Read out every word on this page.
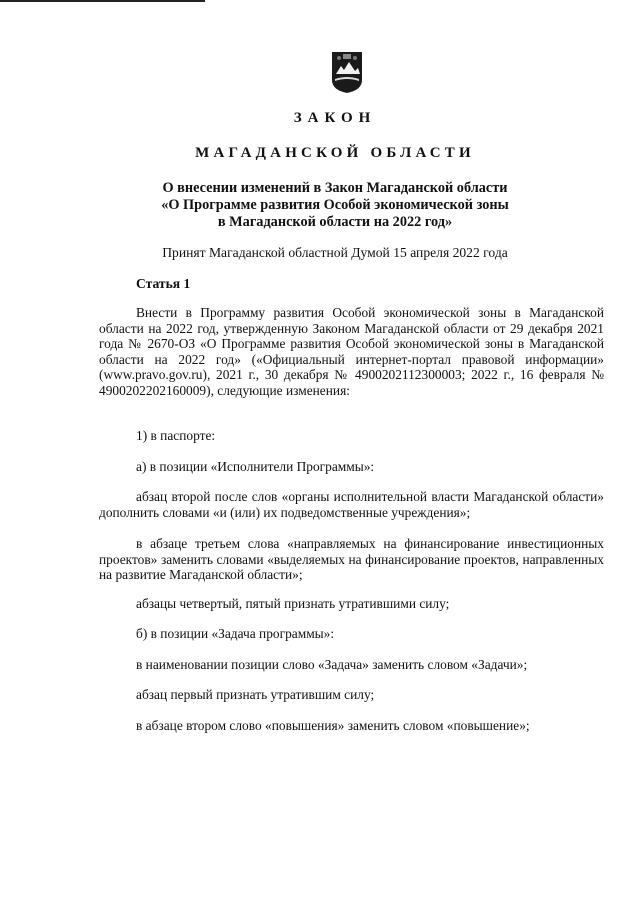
ЗАКОН
МАГАДАНСКОЙ ОБЛАСТИ
О внесении изменений в Закон Магаданской области
«О Программе развития Особой экономической зоны
в Магаданской области на 2022 год»
Принят Магаданской областной Думой 15 апреля 2022 года
Статья 1

Внести в Программу развития Особой экономической зоны в Магаданской области на 2022 год, утвержденную Законом Магаданской области от 29 декабря 2021 года № 2670-ОЗ «О Программе развития Особой экономической зоны в Магаданской области на 2022 год» («Официальный интернет-портал правовой информации» (www.pravo.gov.ru), 2021 г., 30 декабря № 4900202112300003; 2022 г., 16 февраля № 4900202202160009), следующие изменения:

1) в паспорте:

а) в позиции «Исполнители Программы»:

абзац второй после слов «органы исполнительной власти Магаданской области» дополнить словами «и (или) их подведомственные учреждения»;

в абзаце третьем слова «направляемых на финансирование инвестиционных проектов» заменить словами «выделяемых на финансирование проектов, направленных на развитие Магаданской области»;

абзацы четвертый, пятый признать утратившими силу;

б) в позиции «Задача программы»:

в наименовании позиции слово «Задача» заменить словом «Задачи»;

абзац первый признать утратившим силу;

в абзаце втором слово «повышения» заменить словом «повышение»;
